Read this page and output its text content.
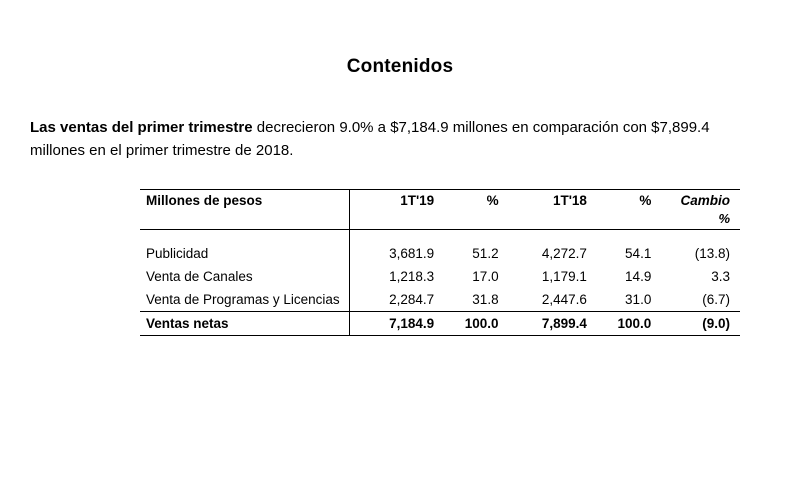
Contenidos

Las ventas del primer trimestre decrecieron 9.0% a $7,184.9 millones en comparación con $7,899.4 millones en el primer trimestre de 2018.

Millones de pesos	1T'19	%	1T'18	%	Cambio
					%

Publicidad	3,681.9	51.2	4,272.7	54.1	(13.8)
Venta de Canales	1,218.3	17.0	1,179.1	14.9	3.3
Venta de Programas y Licencias	2,284.7	31.8	2,447.6	31.0	(6.7)
Ventas netas	7,184.9	100.0	7,899.4	100.0	(9.0)
